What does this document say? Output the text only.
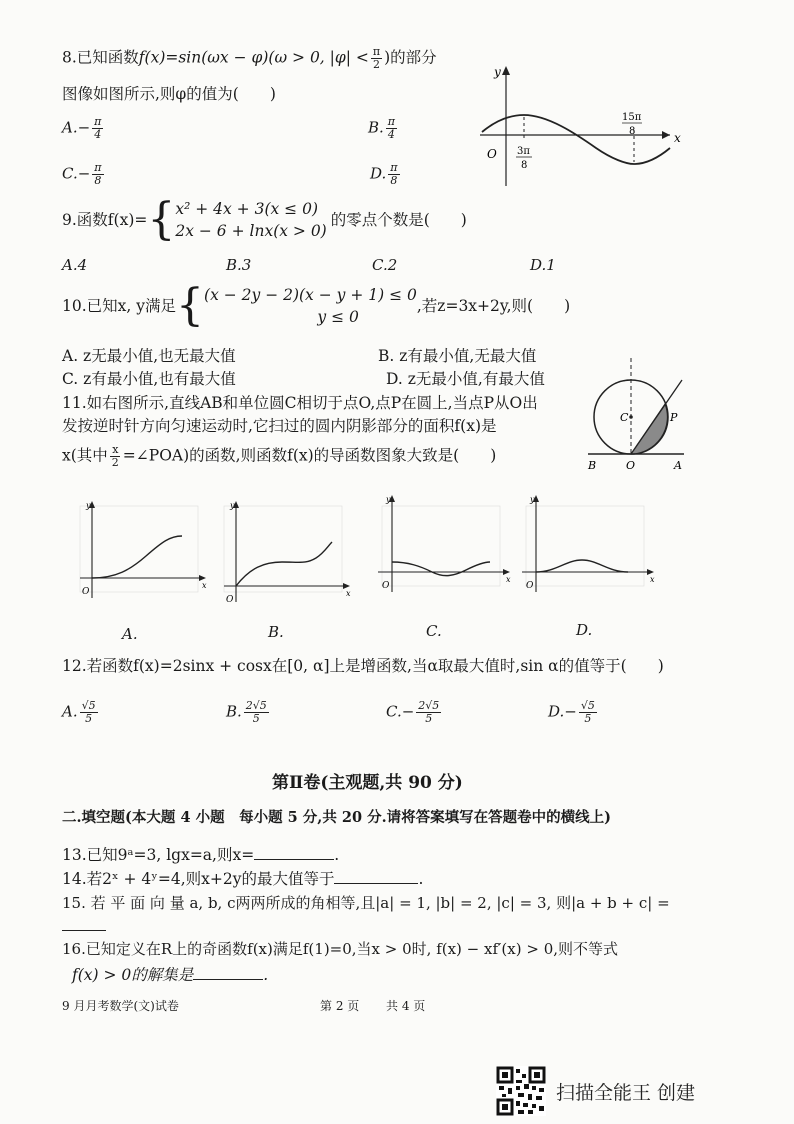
8.已知函数f(x)=sin(ωx − φ)(ω > 0, $|\varphi| < \frac{\pi}{2}$ )的部分
图像如图所示,则φ的值为(　　)
$A.- \frac{\pi}{4}$	B. $\frac{\pi}{4}$
$C.- \frac{\pi}{8}$	D. $\frac{\pi}{8}$
y
x
O 3π
8
15π
8
9.函数f(x)= { x² + 4x + 3(x ≤ 0)
2x − 6 + lnx(x > 0)
的零点个数是(　　)
A.4	B.3	C.2	D.1
10.已知x, y满足 { (x − 2y − 2)(x − y + 1) ≤ 0
y ≤ 0
,若z=3x+2y,则(　　)
A. z无最小值,也无最大值	B. z有最小值,无最大值
C. z有最小值,也有最大值	D. z无最小值,有最大值
11.如右图所示,直线AB和单位圆C相切于点O,点P在圆上,当点P从O出
发按逆时针方向匀速运动时,它扫过的圆内阴影部分的面积f(x)是
x(其中 $\frac{x}{2}$ =∠POA)的函数,则函数f(x)的导函数图象大致是(　　)
C	P
B	O	A
O
y
x
O
y
x
O
y
x
O
y
x
A.	B.	C.	D.
12.若函数f(x)=2sinx + cosx在[0, α]上是增函数,当α取最大值时,sin α的值等于(　　)
A. $\frac{√5}{5}$	B. $\frac{2√5}{5}$	$C.- \frac{2√5}{5}$	$D.- \frac{√5}{5}$
第Ⅱ卷(主观题,共 90 分)
二.填空题(本大题 4 小题　每小题 5 分,共 20 分.请将答案填写在答题卷中的横线上)
13.已知9ᵃ=3, lgx=a,则x=	.
14.若2ˣ + 4ʸ=4,则x+2y的最大值等于	.
15. 若 平 面 向 量 a, b, c两两所成的角相等,且|a| = 1, |b| = 2, |c| = 3, 则|a + b + c| =
16.已知定义在R上的奇函数f(x)满足f(1)=0,当x > 0时, f(x) − xf′(x) > 0,则不等式
f(x) > 0的解集是	.
9 月月考数学(文)试卷	第 2 页 共 4 页
扫描全能王 创建
